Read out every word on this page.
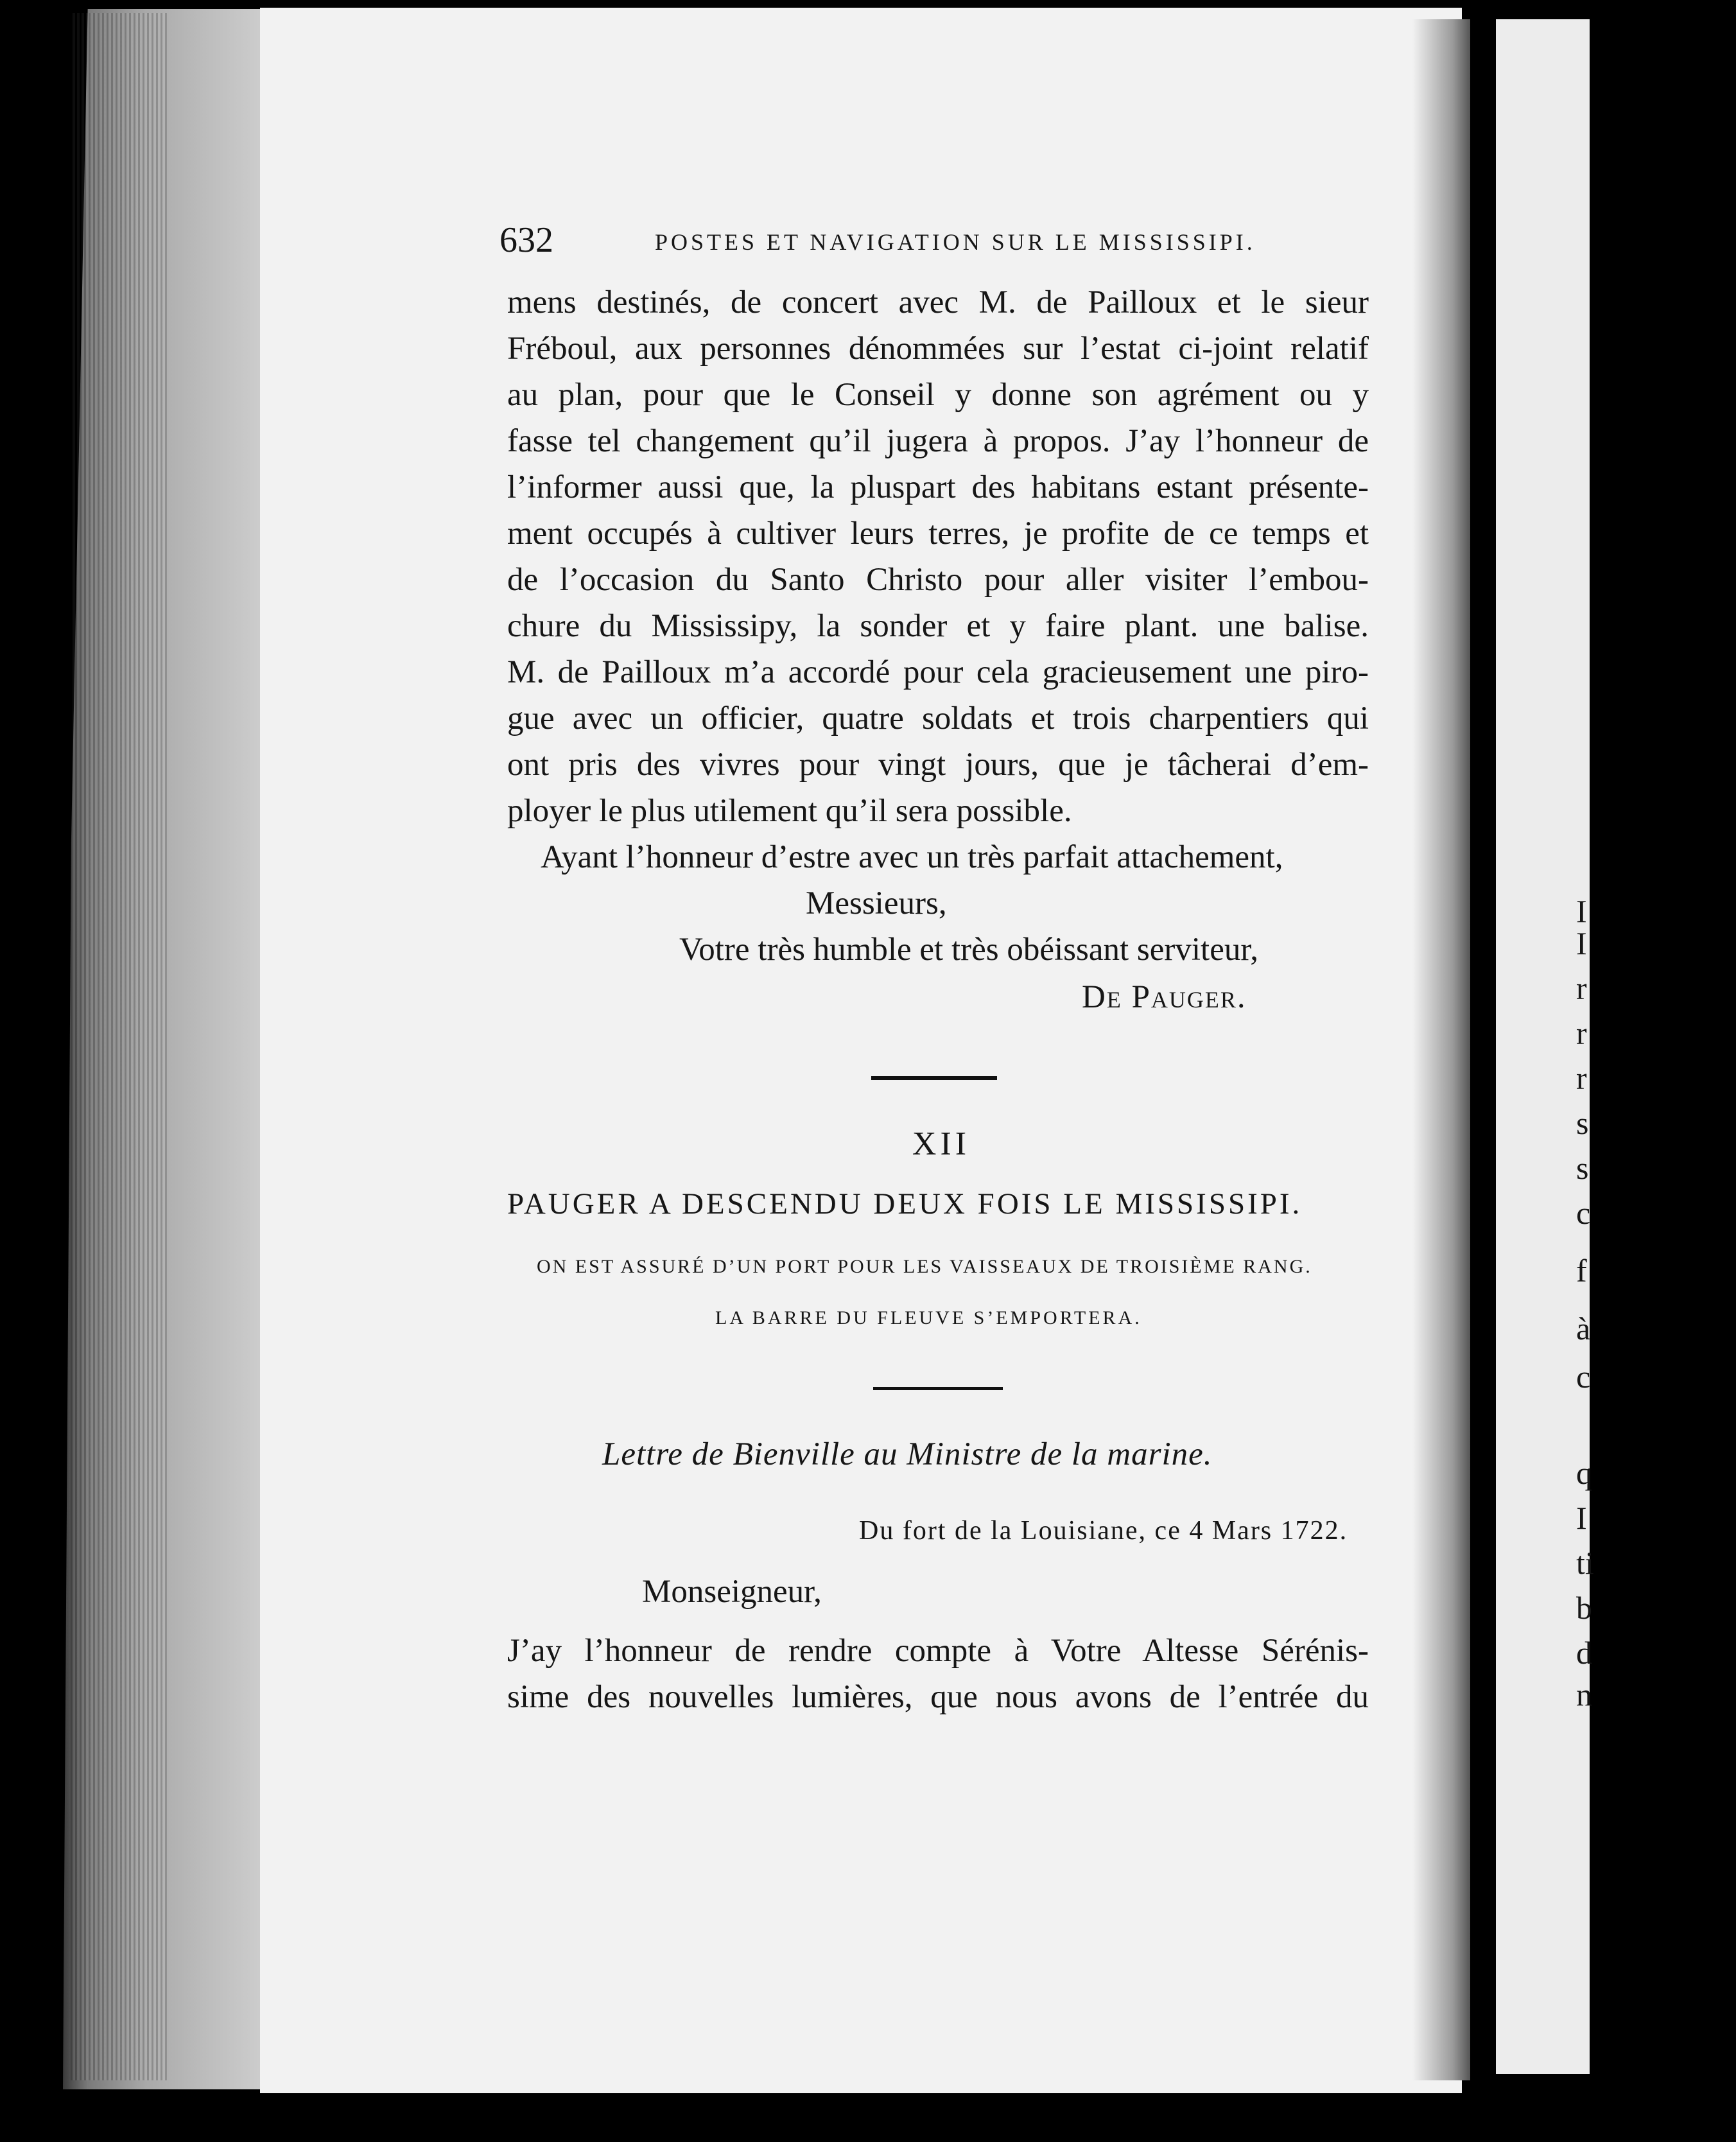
I
I
r
r
r
s
s
c
f
à
c
q
I
ti
b
d
n
632	POSTES ET NAVIGATION SUR LE MISSISSIPI.
mens destinés, de concert avec M. de Pailloux et le sieur
Fréboul, aux personnes dénommées sur l’estat ci-joint relatif
au plan, pour que le Conseil y donne son agrément ou y
fasse tel changement qu’il jugera à propos. J’ay l’honneur de
l’informer aussi que, la pluspart des habitans estant présente-
ment occupés à cultiver leurs terres, je profite de ce temps et
de l’occasion du Santo Christo pour aller visiter l’embou-
chure du Mississipy, la sonder et y faire plant. une balise.
M. de Pailloux m’a accordé pour cela gracieusement une piro-
gue avec un officier, quatre soldats et trois charpentiers qui
ont pris des vivres pour vingt jours, que je tâcherai d’em-
ployer le plus utilement qu’il sera possible.
Ayant l’honneur d’estre avec un très parfait attachement,
Messieurs,
Votre très humble et très obéissant serviteur,
De Pauger.
XII
PAUGER A DESCENDU DEUX FOIS LE MISSISSIPI.
ON EST ASSURÉ D’UN PORT POUR LES VAISSEAUX DE TROISIÈME RANG.
LA BARRE DU FLEUVE S’EMPORTERA.
Lettre de Bienville au Ministre de la marine.
Du fort de la Louisiane, ce 4 Mars 1722.
Monseigneur,
J’ay l’honneur de rendre compte à Votre Altesse Sérénis-
sime des nouvelles lumières, que nous avons de l’entrée du
